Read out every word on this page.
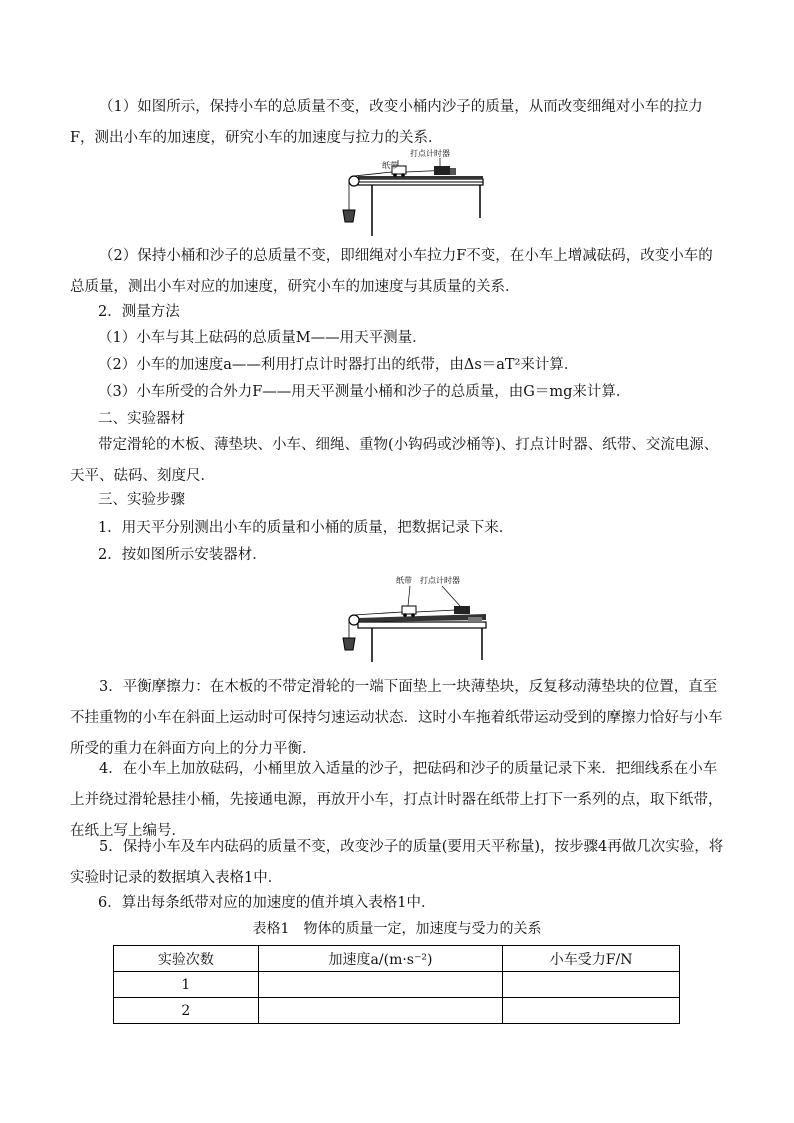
（1）如图所示，保持小车的总质量不变，改变小桶内沙子的质量，从而改变细绳对小车的拉力F，测出小车的加速度，研究小车的加速度与拉力的关系．

打点计时器
纸带

（2）保持小桶和沙子的总质量不变，即细绳对小车拉力F不变，在小车上增减砝码，改变小车的总质量，测出小车对应的加速度，研究小车的加速度与其质量的关系．

2．测量方法
（1）小车与其上砝码的总质量M——用天平测量．
（2）小车的加速度a——利用打点计时器打出的纸带，由Δs＝aT²来计算．
（3）小车所受的合外力F——用天平测量小桶和沙子的总质量，由G＝mg来计算．
二、实验器材

带定滑轮的木板、薄垫块、小车、细绳、重物(小钩码或沙桶等)、打点计时器、纸带、交流电源、天平、砝码、刻度尺．

三、实验步骤
1．用天平分别测出小车的质量和小桶的质量，把数据记录下来．
2．按如图所示安装器材．
纸带 打点计时器

3．平衡摩擦力：在木板的不带定滑轮的一端下面垫上一块薄垫块，反复移动薄垫块的位置，直至不挂重物的小车在斜面上运动时可保持匀速运动状态．这时小车拖着纸带运动受到的摩擦力恰好与小车所受的重力在斜面方向上的分力平衡．

4．在小车上加放砝码，小桶里放入适量的沙子，把砝码和沙子的质量记录下来．把细线系在小车上并绕过滑轮悬挂小桶，先接通电源，再放开小车，打点计时器在纸带上打下一系列的点，取下纸带，在纸上写上编号．

5．保持小车及车内砝码的质量不变，改变沙子的质量(要用天平称量)，按步骤4再做几次实验，将实验时记录的数据填入表格1中．

6．算出每条纸带对应的加速度的值并填入表格1中．
表格1　物体的质量一定，加速度与受力的关系
实验次数	加速度a/(m·s⁻²)	小车受力F/N
1		
2		
